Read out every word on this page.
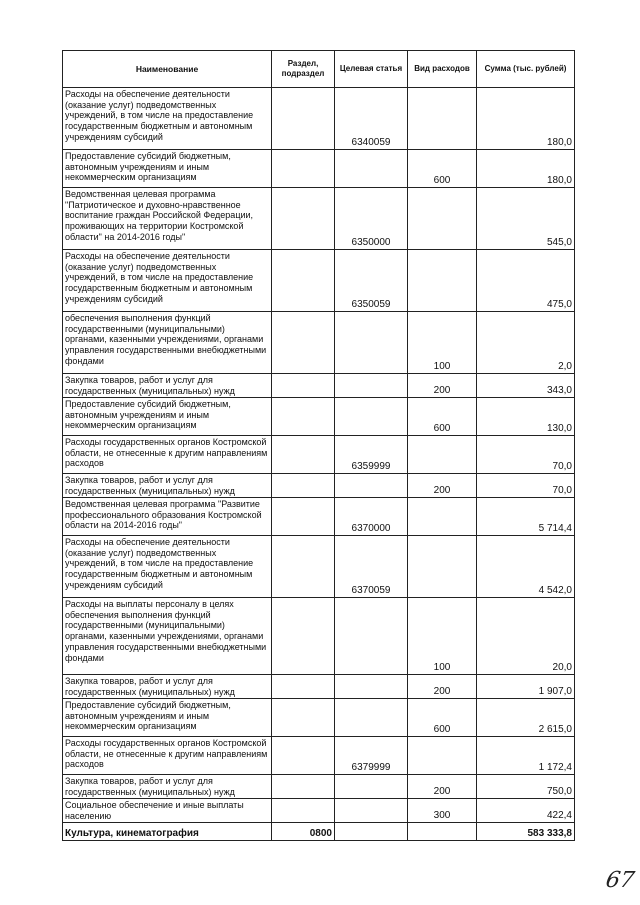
Наименование	Раздел, подраздел	Целевая статья	Вид расходов	Сумма (тыс. рублей)
Расходы на обеспечение деятельности (оказание услуг) подведомственных учреждений, в том числе на предоставление государственным бюджетным и автономным учреждениям субсидий		6340059		180,0
Предоставление субсидий бюджетным, автономным учреждениям и иным некоммерческим организациям			600	180,0
Ведомственная целевая программа "Патриотическое и духовно-нравственное воспитание граждан Российской Федерации, проживающих на территории Костромской области" на 2014-2016 годы"		6350000		545,0
Расходы на обеспечение деятельности (оказание услуг) подведомственных учреждений, в том числе на предоставление государственным бюджетным и автономным учреждениям субсидий		6350059		475,0
обеспечения выполнения функций государственными (муниципальными) органами, казенными учреждениями, органами управления государственными внебюджетными фондами			100	2,0
Закупка товаров, работ и услуг для государственных (муниципальных) нужд			200	343,0
Предоставление субсидий бюджетным, автономным учреждениям и иным некоммерческим организациям			600	130,0
Расходы государственных органов Костромской области, не отнесенные к другим направлениям расходов		6359999		70,0
Закупка товаров, работ и услуг для государственных (муниципальных) нужд			200	70,0
Ведомственная целевая программа "Развитие профессионального образования Костромской области на 2014-2016 годы"		6370000		5 714,4
Расходы на обеспечение деятельности (оказание услуг) подведомственных учреждений, в том числе на предоставление государственным бюджетным и автономным учреждениям субсидий		6370059		4 542,0
Расходы на выплаты персоналу в целях обеспечения выполнения функций государственными (муниципальными) органами, казенными учреждениями, органами управления государственными внебюджетными фондами			100	20,0
Закупка товаров, работ и услуг для государственных (муниципальных) нужд			200	1 907,0
Предоставление субсидий бюджетным, автономным учреждениям и иным некоммерческим организациям			600	2 615,0
Расходы государственных органов Костромской области, не отнесенные к другим направлениям расходов		6379999		1 172,4
Закупка товаров, работ и услуг для государственных (муниципальных) нужд			200	750,0
Социальное обеспечение и иные выплаты населению			300	422,4
Культура, кинематография	0800			583 333,8
67
